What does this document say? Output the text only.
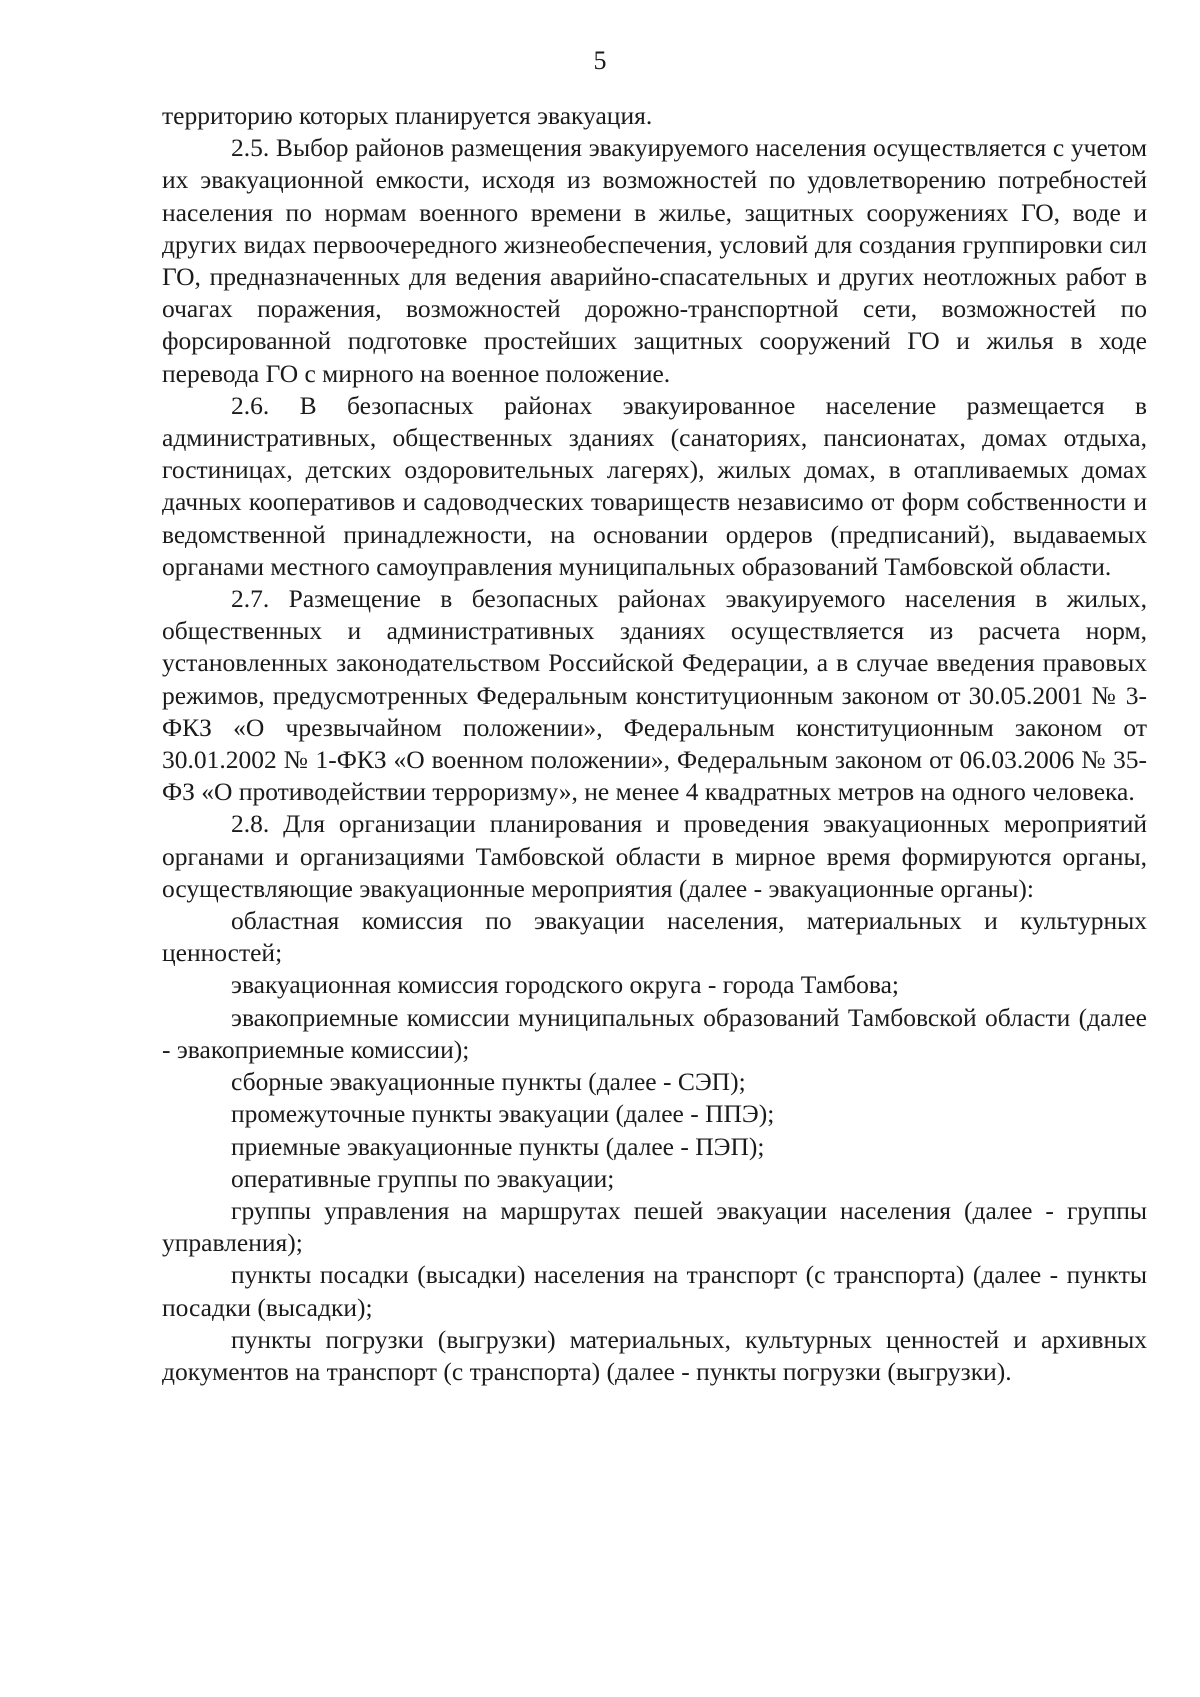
5

территорию которых планируется эвакуация.

2.5. Выбор районов размещения эвакуируемого населения осуществляется с учетом их эвакуационной емкости, исходя из возможностей по удовлетворению потребностей населения по нормам военного времени в жилье, защитных сооружениях ГО, воде и других видах первоочередного жизнеобеспечения, условий для создания группировки сил ГО, предназначенных для ведения аварийно-спасательных и других неотложных работ в очагах поражения, возможностей дорожно-транспортной сети, возможностей по форсированной подготовке простейших защитных сооружений ГО и жилья в ходе перевода ГО с мирного на военное положение.

2.6. В безопасных районах эвакуированное население размещается в административных, общественных зданиях (санаториях, пансионатах, домах отдыха, гостиницах, детских оздоровительных лагерях), жилых домах, в отапливаемых домах дачных кооперативов и садоводческих товариществ независимо от форм собственности и ведомственной принадлежности, на основании ордеров (предписаний), выдаваемых органами местного самоуправления муниципальных образований Тамбовской области.

2.7. Размещение в безопасных районах эвакуируемого населения в жилых, общественных и административных зданиях осуществляется из расчета норм, установленных законодательством Российской Федерации, а в случае введения правовых режимов, предусмотренных Федеральным конституционным законом от 30.05.2001 № 3-ФКЗ «О чрезвычайном положении», Федеральным конституционным законом от 30.01.2002 № 1-ФКЗ «О военном положении», Федеральным законом от 06.03.2006 № 35-ФЗ «О противодействии терроризму», не менее 4 квадратных метров на одного человека.

2.8. Для организации планирования и проведения эвакуационных мероприятий органами и организациями Тамбовской области в мирное время формируются органы, осуществляющие эвакуационные мероприятия (далее - эвакуационные органы):

областная комиссия по эвакуации населения, материальных и культурных ценностей;

эвакуационная комиссия городского округа - города Тамбова;

эвакоприемные комиссии муниципальных образований Тамбовской области (далее - эвакоприемные комиссии);

сборные эвакуационные пункты (далее - СЭП);

промежуточные пункты эвакуации (далее - ППЭ);

приемные эвакуационные пункты (далее - ПЭП);

оперативные группы по эвакуации;

группы управления на маршрутах пешей эвакуации населения (далее - группы управления);

пункты посадки (высадки) населения на транспорт (с транспорта) (далее - пункты посадки (высадки);

пункты погрузки (выгрузки) материальных, культурных ценностей и архивных документов на транспорт (с транспорта) (далее - пункты погрузки (выгрузки).
